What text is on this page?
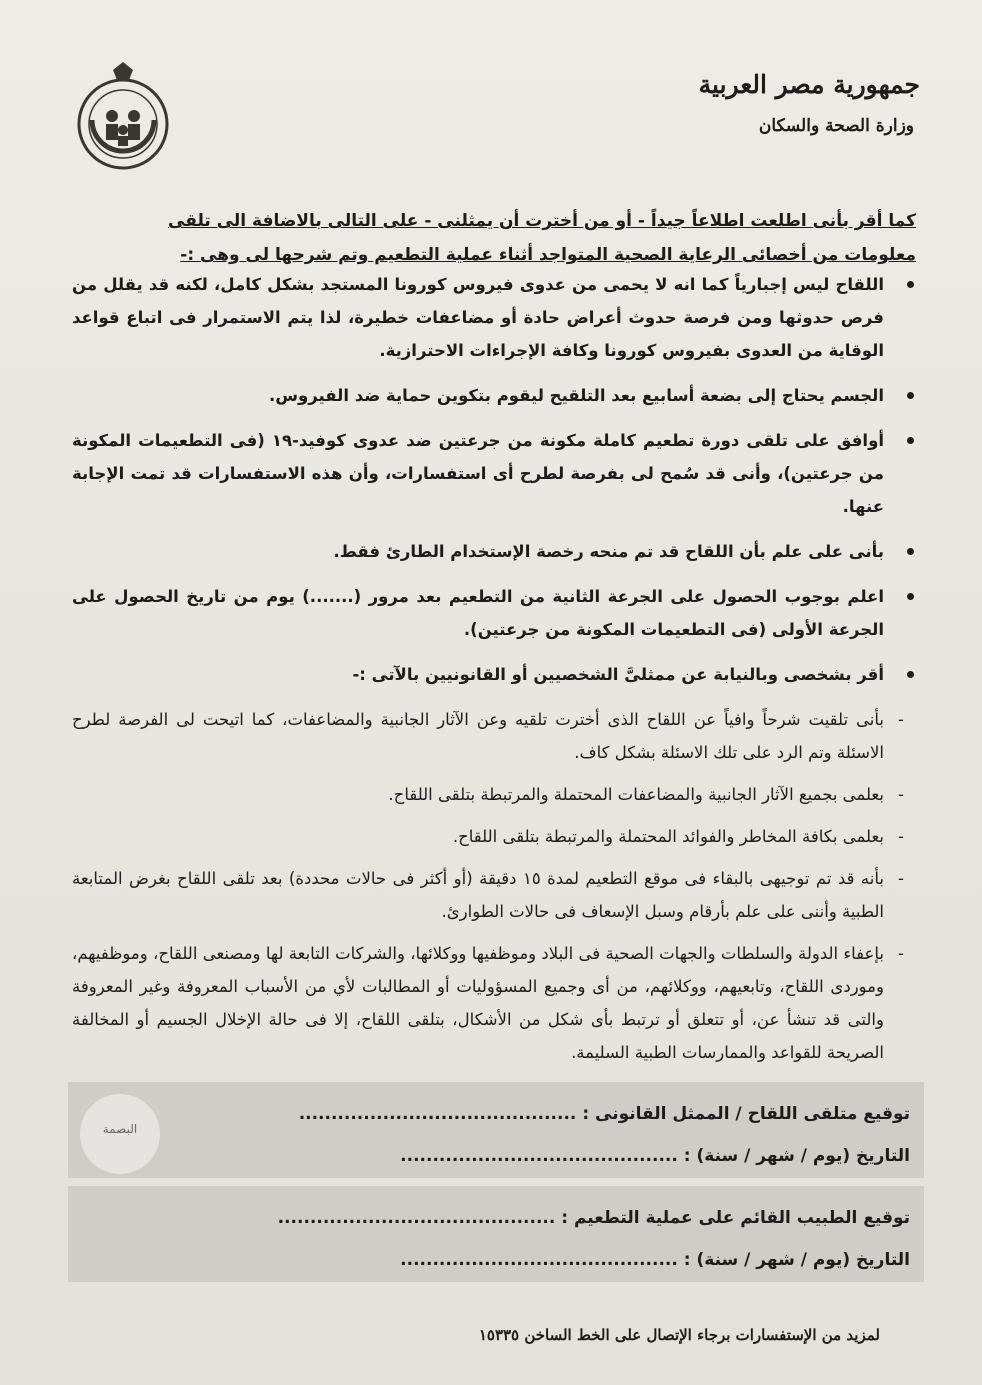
جمهورية مصر العربية
وزارة الصحة والسكان
كما أقر بأنى اطلعت اطلاعاً جيداً - أو من أخترت أن يمثلنى - على التالى بالاضافة الى تلقى معلومات من أخصائى الرعاية الصحية المتواجد أثناء عملية التطعيم وتم شرحها لى وهى :-
اللقاح ليس إجبارياً كما انه لا يحمى من عدوى فيروس كورونا المستجد بشكل كامل، لكنه قد يقلل من فرص حدوثها ومن فرصة حدوث أعراض حادة أو مضاعفات خطيرة، لذا يتم الاستمرار فى اتباع قواعد الوقاية من العدوى بفيروس كورونا وكافة الإجراءات الاحترازية.
الجسم يحتاج إلى بضعة أسابيع بعد التلقيح ليقوم بتكوين حماية ضد الفيروس.
أوافق على تلقى دورة تطعيم كاملة مكونة من جرعتين ضد عدوى كوفيد-١٩ (فى التطعيمات المكونة من جرعتين)، وأنى قد سُمح لى بفرصة لطرح أى استفسارات، وأن هذه الاستفسارات قد تمت الإجابة عنها.
بأنى على علم بأن اللقاح قد تم منحه رخصة الإستخدام الطارئ فقط.
اعلم بوجوب الحصول على الجرعة الثانية من التطعيم بعد مرور (.......) يوم من تاريخ الحصول على الجرعة الأولى (فى التطعيمات المكونة من جرعتين).
أقر بشخصى وبالنيابة عن ممثلىَّ الشخصيين أو القانونيين بالآتى :-
-
بأنى تلقيت شرحاً وافياً عن اللقاح الذى أخترت تلقيه وعن الآثار الجانبية والمضاعفات، كما اتيحت لى الفرصة لطرح الاسئلة وتم الرد على تلك الاسئلة بشكل كاف.
-
بعلمى بجميع الآثار الجانبية والمضاعفات المحتملة والمرتبطة بتلقى اللقاح.
-
بعلمى بكافة المخاطر والفوائد المحتملة والمرتبطة بتلقى اللقاح.
-
بأنه قد تم توجيهى بالبقاء فى موقع التطعيم لمدة ١٥ دقيقة (أو أكثر فى حالات محددة) بعد تلقى اللقاح بغرض المتابعة الطبية وأننى على علم بأرقام وسبل الإسعاف فى حالات الطوارئ.
-
بإعفاء الدولة والسلطات والجهات الصحية فى البلاد وموظفيها ووكلائها، والشركات التابعة لها ومصنعى اللقاح، وموظفيهم، وموردى اللقاح، وتابعيهم، ووكلائهم، من أى وجميع المسؤوليات أو المطالبات لأي من الأسباب المعروفة وغير المعروفة والتى قد تنشأ عن، أو تتعلق أو ترتبط بأى شكل من الأشكال، بتلقى اللقاح، إلا فى حالة الإخلال الجسيم أو المخالفة الصريحة للقواعد والممارسات الطبية السليمة.
البصمة
توقيع متلقى اللقاح / الممثل القانونى : ...........................................
التاريخ (يوم / شهر / سنة) : ...........................................
توقيع الطبيب القائم على عملية التطعيم : ...........................................
التاريخ (يوم / شهر / سنة) : ...........................................
لمزيد من الإستفسارات برجاء الإتصال على الخط الساخن ١٥٣٣٥
